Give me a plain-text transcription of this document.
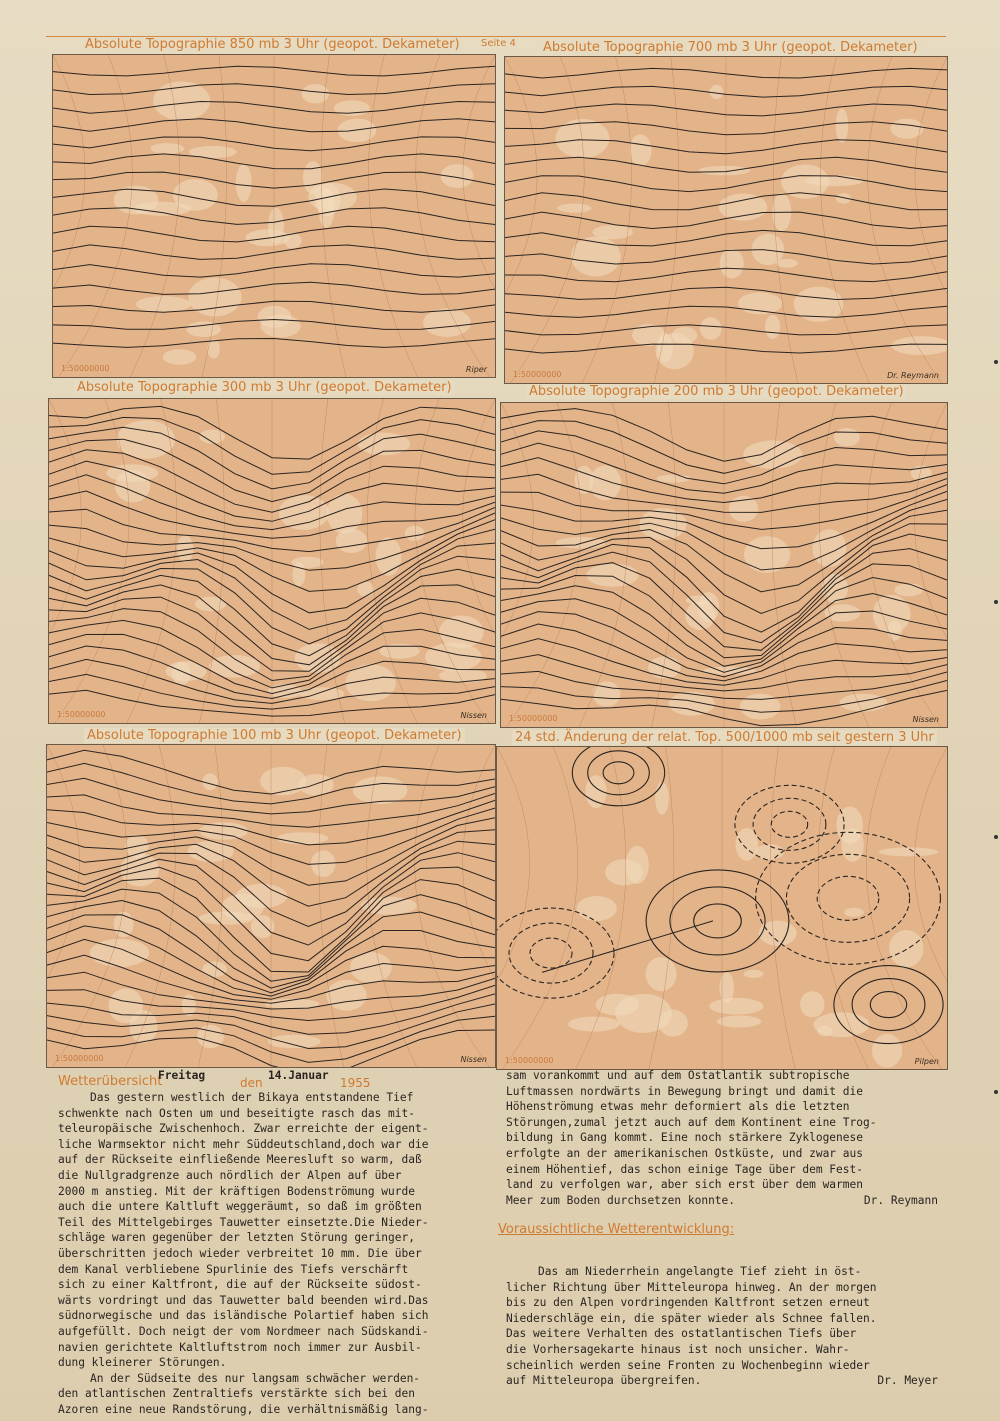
Seite 4
Absolute Topographie 850 mb 3 Uhr (geopot. Dekameter)	Absolute Topographie 700 mb 3 Uhr (geopot. Dekameter)
Absolute Topographie 300 mb 3 Uhr (geopot. Dekameter)	Absolute Topographie 200 mb 3 Uhr (geopot. Dekameter)
Absolute Topographie 100 mb 3 Uhr (geopot. Dekameter)	24 std. Änderung der relat. Top. 500/1000 mb seit gestern 3 Uhr
1:50000000	Riper
1:50000000	Dr. Reymann
1:50000000	Nissen	1:50000000	Nissen
1:50000000	Nissen 1:50000000	Pilpen
Wetterübersicht
Freitag
den
14.Januar
1955
Das gestern westlich der Bikaya entstandene Tief
schwenkte nach Osten um und beseitigte rasch das mit-
teleuropäische Zwischenhoch. Zwar erreichte der eigent-
liche Warmsektor nicht mehr Süddeutschland,doch war die
auf der Rückseite einfließende Meeresluft so warm, daß
die Nullgradgrenze auch nördlich der Alpen auf über
2000 m anstieg. Mit der kräftigen Bodenströmung wurde
auch die untere Kaltluft weggeräumt, so daß im größten
Teil des Mittelgebirges Tauwetter einsetzte.Die Nieder-
schläge waren gegenüber der letzten Störung geringer,
überschritten jedoch wieder verbreitet 10 mm. Die über
dem Kanal verbliebene Spurlinie des Tiefs verschärft
sich zu einer Kaltfront, die auf der Rückseite südost-
wärts vordringt und das Tauwetter bald beenden wird.Das
südnorwegische und das isländische Polartief haben sich
aufgefüllt. Doch neigt der vom Nordmeer nach Südskandi-
navien gerichtete Kaltluftstrom noch immer zur Ausbil-
dung kleinerer Störungen.
An der Südseite des nur langsam schwächer werden-
den atlantischen Zentraltiefs verstärkte sich bei den
Azoren eine neue Randstörung, die verhältnismäßig lang-
sam vorankommt und auf dem Ostatlantik subtropische
Luftmassen nordwärts in Bewegung bringt und damit die
Höhenströmung etwas mehr deformiert als die letzten
Störungen,zumal jetzt auch auf dem Kontinent eine Trog-
bildung in Gang kommt. Eine noch stärkere Zyklogenese
erfolgte an der amerikanischen Ostküste, und zwar aus
einem Höhentief, das schon einige Tage über dem Fest-
land zu verfolgen war, aber sich erst über dem warmen
Meer zum Boden durchsetzen konnte.	Dr. Reymann
Voraussichtliche Wetterentwicklung:
Das am Niederrhein angelangte Tief zieht in öst-
licher Richtung über Mitteleuropa hinweg. An der morgen
bis zu den Alpen vordringenden Kaltfront setzen erneut
Niederschläge ein, die später wieder als Schnee fallen.
Das weitere Verhalten des ostatlantischen Tiefs über
die Vorhersagekarte hinaus ist noch unsicher. Wahr-
scheinlich werden seine Fronten zu Wochenbeginn wieder
auf Mitteleuropa übergreifen.	Dr. Meyer
